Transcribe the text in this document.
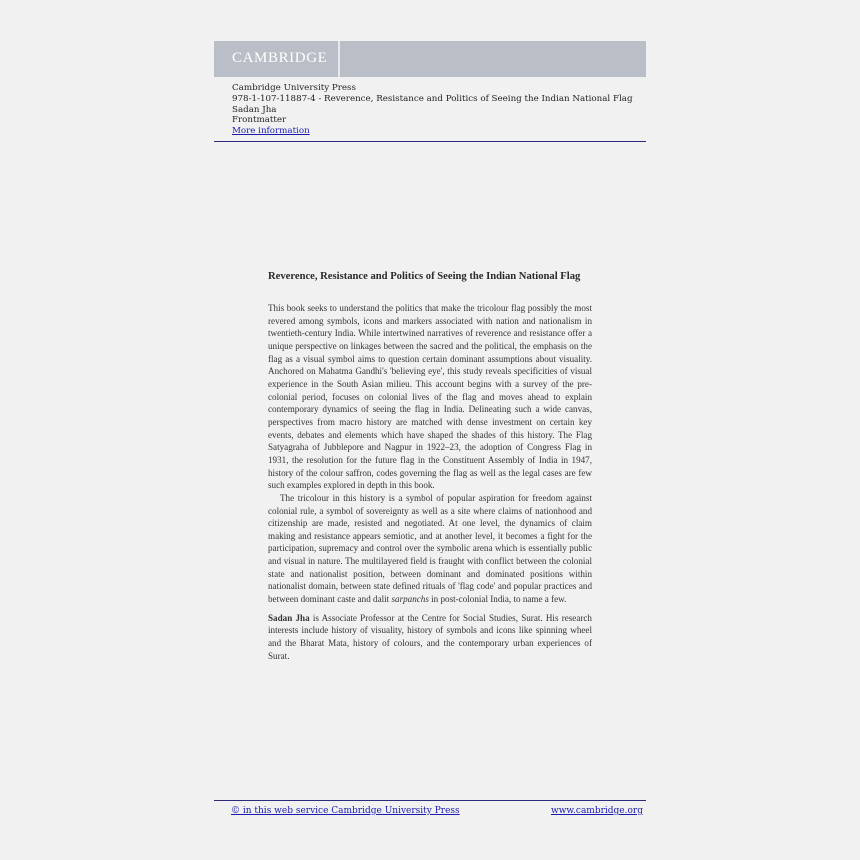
CAMBRIDGE
Cambridge University Press
978-1-107-11887-4 - Reverence, Resistance and Politics of Seeing the Indian National Flag
Sadan Jha
Frontmatter
More information
Reverence, Resistance and Politics of Seeing the Indian National Flag

This book seeks to understand the politics that make the tricolour flag possibly the most revered among symbols, icons and markers associated with nation and nationalism in twentieth-century India. While intertwined narratives of reverence and resistance offer a unique perspective on linkages between the sacred and the political, the emphasis on the flag as a visual symbol aims to question certain dominant assumptions about visuality. Anchored on Mahatma Gandhi's 'believing eye', this study reveals specificities of visual experience in the South Asian milieu. This account begins with a survey of the pre-colonial period, focuses on colonial lives of the flag and moves ahead to explain contemporary dynamics of seeing the flag in India. Delineating such a wide canvas, perspectives from macro history are matched with dense investment on certain key events, debates and elements which have shaped the shades of this history. The Flag Satyagraha of Jubblepore and Nagpur in 1922–23, the adoption of Congress Flag in 1931, the resolution for the future flag in the Constituent Assembly of India in 1947, history of the colour saffron, codes governing the flag as well as the legal cases are few such examples explored in depth in this book.

The tricolour in this history is a symbol of popular aspiration for freedom against colonial rule, a symbol of sovereignty as well as a site where claims of nationhood and citizenship are made, resisted and negotiated. At one level, the dynamics of claim making and resistance appears semiotic, and at another level, it becomes a fight for the participation, supremacy and control over the symbolic arena which is essentially public and visual in nature. The multilayered field is fraught with conflict between the colonial state and nationalist position, between dominant and dominated positions within nationalist domain, between state defined rituals of 'flag code' and popular practices and between dominant caste and dalit sarpanchs in post-colonial India, to name a few.

Sadan Jha is Associate Professor at the Centre for Social Studies, Surat. His research interests include history of visuality, history of symbols and icons like spinning wheel and the Bharat Mata, history of colours, and the contemporary urban experiences of Surat.

© in this web service Cambridge University Press	www.cambridge.org
